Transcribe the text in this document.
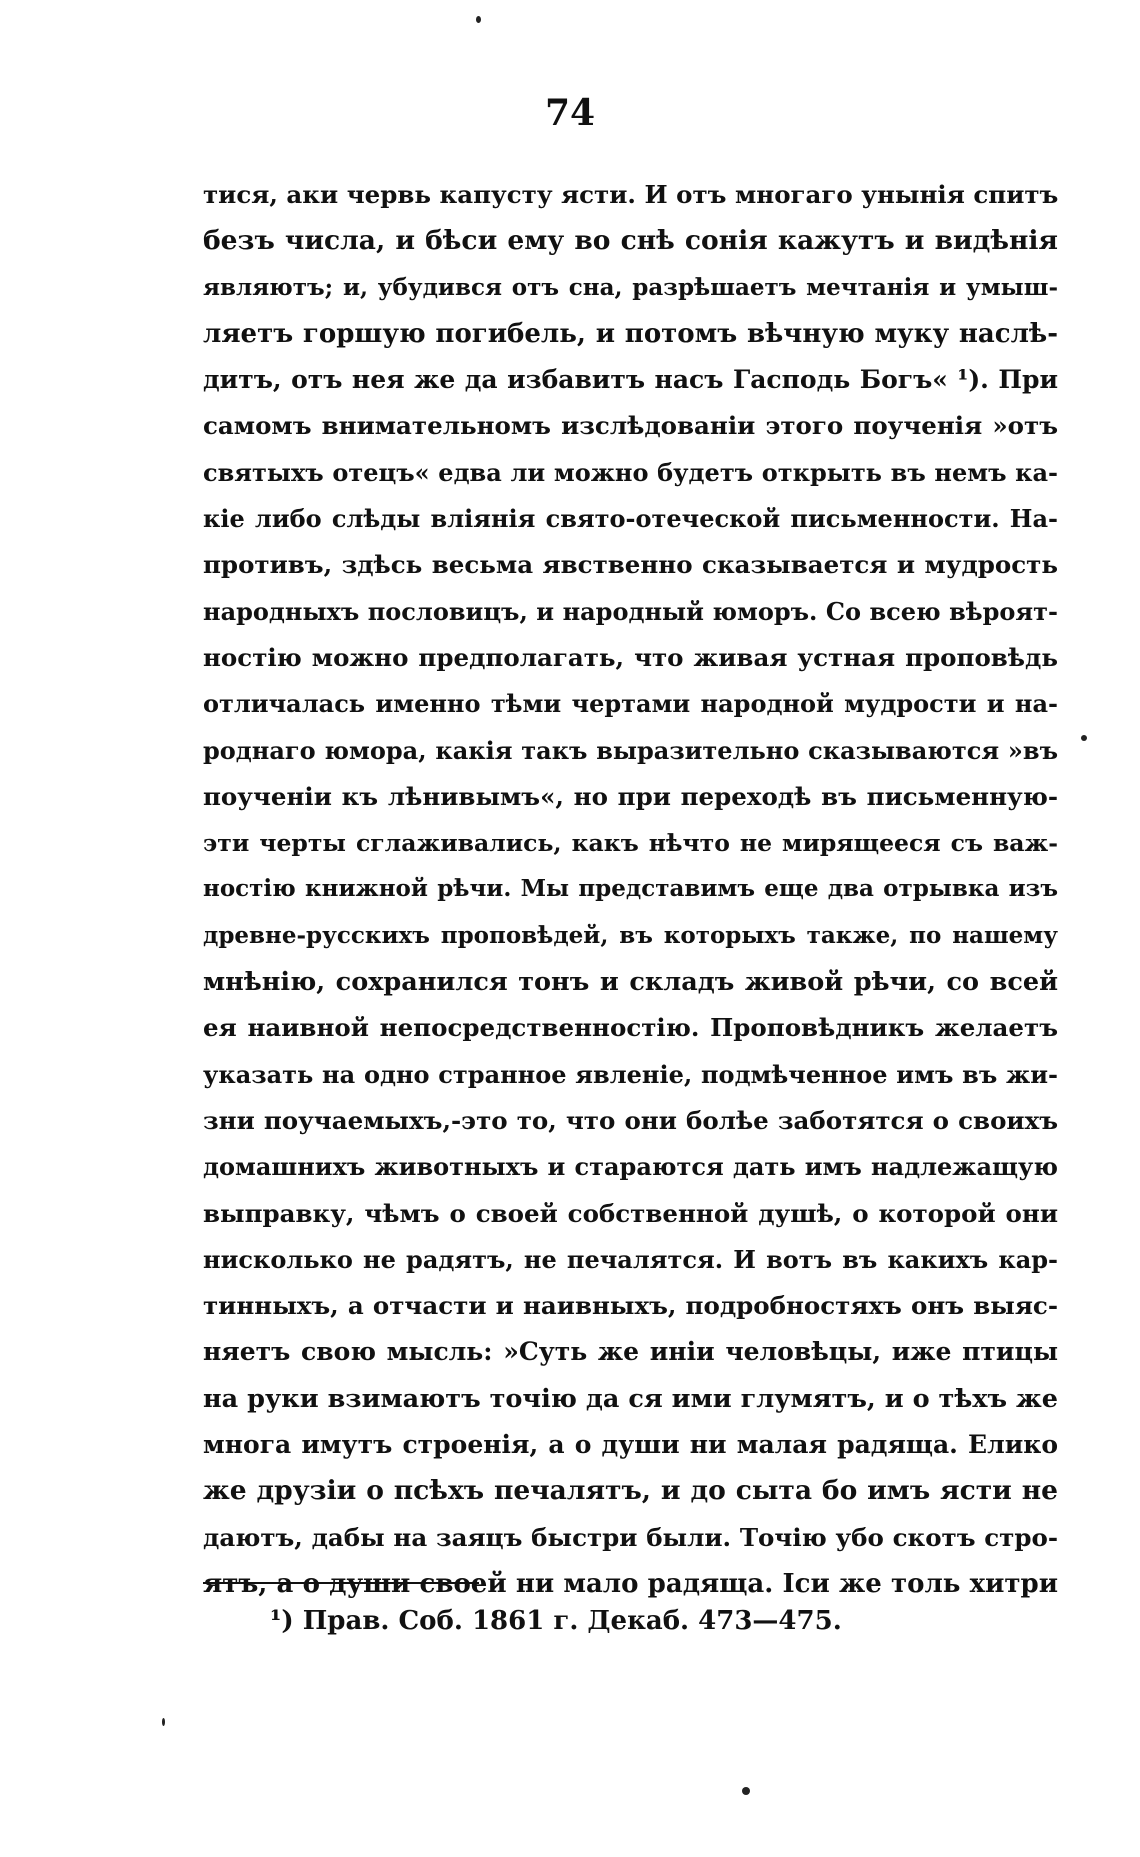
74
тися, аки червь капусту ясти. И отъ многаго унынія спитъ
безъ числа, и бѣси ему во снѣ сонія кажутъ и видѣнія
являютъ; и, убудився отъ сна, разрѣшаетъ мечтанія и умыш-
ляетъ горшую погибель, и потомъ вѣчную муку наслѣ-
дитъ, отъ нея же да избавитъ насъ Гасподь Богъ« ¹). При
самомъ внимательномъ изслѣдованіи этого поученія »отъ
святыхъ отецъ« едва ли можно будетъ открыть въ немъ ка-
кіе либо слѣды вліянія свято-отеческой письменности. На-
противъ, здѣсь весьма явственно сказывается и мудрость
народныхъ пословицъ, и народный юморъ. Со всею вѣроят-
ностію можно предполагать, что живая устная проповѣдь
отличалась именно тѣми чертами народной мудрости и на-
роднаго юмора, какія такъ выразительно сказываются »въ
поученіи къ лѣнивымъ«, но при переходѣ въ письменную-
эти черты сглаживались, какъ нѣчто не мирящееся съ важ-
ностію книжной рѣчи. Мы представимъ еще два отрывка изъ
древне-русскихъ проповѣдей, въ которыхъ также, по нашему
мнѣнію, сохранился тонъ и складъ живой рѣчи, со всей
ея наивной непосредственностію. Проповѣдникъ желаетъ
указать на одно странное явленіе, подмѣченное имъ въ жи-
зни поучаемыхъ,-это то, что они болѣе заботятся о своихъ
домашнихъ животныхъ и стараются дать имъ надлежащую
выправку, чѣмъ о своей собственной душѣ, о которой они
нисколько не радятъ, не печалятся. И вотъ въ какихъ кар-
тинныхъ, а отчасти и наивныхъ, подробностяхъ онъ выяс-
няетъ свою мысль: »Суть же иніи человѣцы, иже птицы
на руки взимаютъ точію да ся ими глумятъ, и о тѣхъ же
многа имутъ строенія, а о души ни малая радяща. Елико
же друзіи о псѣхъ печалятъ, и до сыта бо имъ ясти не
даютъ, дабы на заяцъ быстри были. Точію убо скотъ стро-
ятъ, а о души своей ни мало радяща. Іси же толь хитри
¹) Прав. Соб. 1861 г. Декаб. 473—475.
